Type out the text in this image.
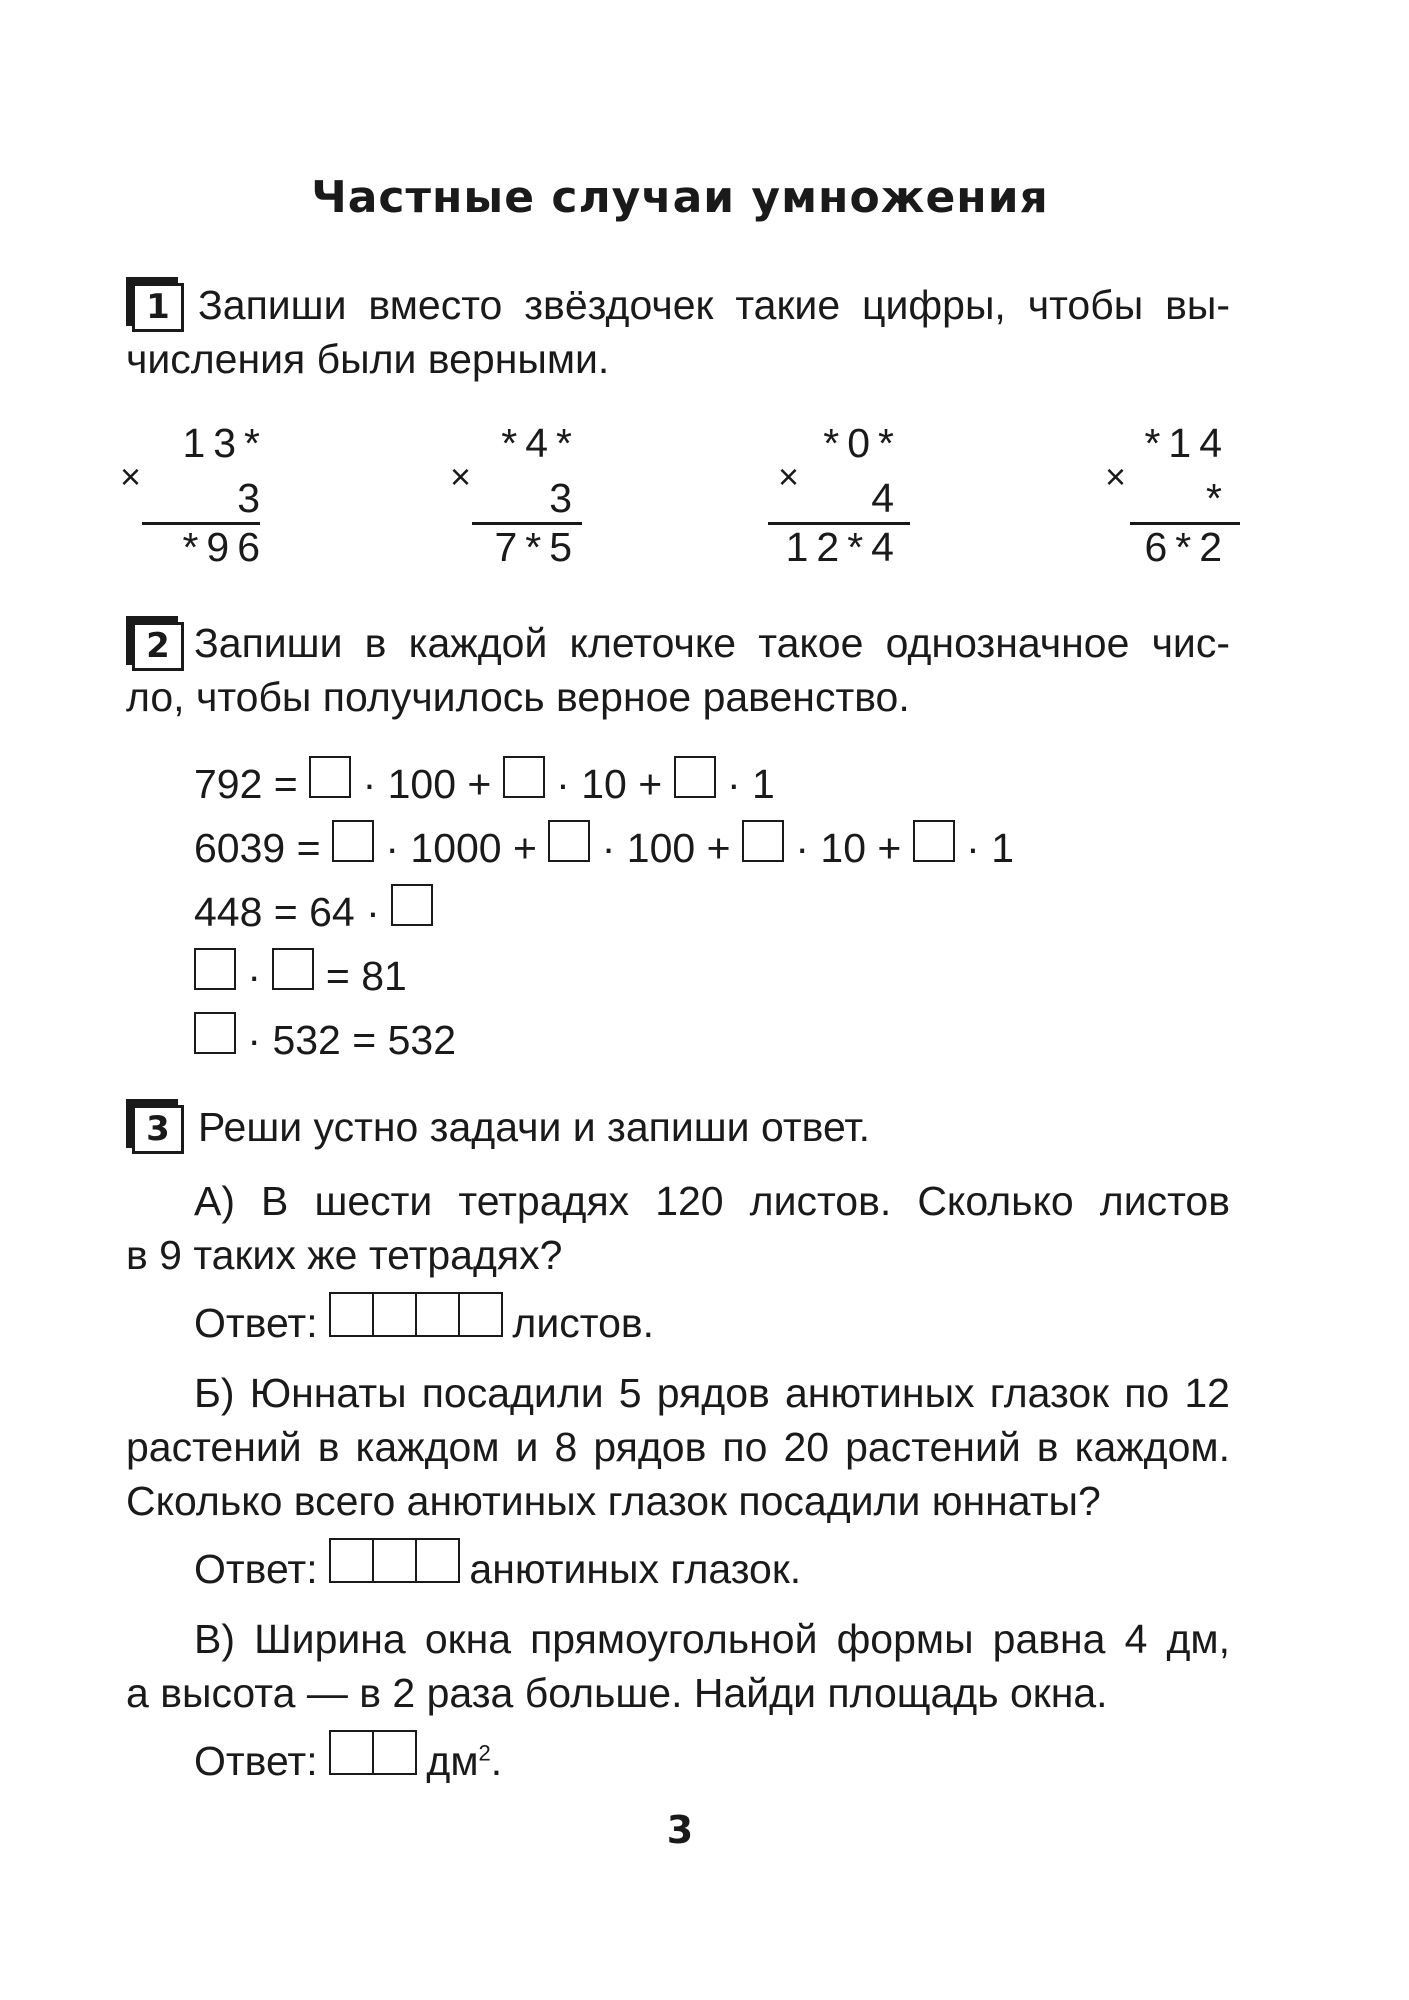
Частные случаи умножения
1 Запиши вместо звёздочек такие цифры, чтобы вы-
числения были верными.
13*
× 3
*96
*4*
× 3
7*5
*0*
× 4
12*4
*14
× *
6*2
2 Запиши в каждой клеточке такое однозначное чис-
ло, чтобы получилось верное равенство.
792 = · 100 + · 10 + · 1
6039 = · 1000 + · 100 + · 10 + · 1
448 = 64 ·
· = 81
· 532 = 532
3 Реши устно задачи и запиши ответ.
А) В шести тетрадях 120 листов. Сколько листов
в 9 таких же тетрадях?
Ответ:	листов.
Б) Юннаты посадили 5 рядов анютиных глазок по 12
растений в каждом и 8 рядов по 20 растений в каждом.
Сколько всего анютиных глазок посадили юннаты?
Ответ:	анютиных глазок.
В) Ширина окна прямоугольной формы равна 4 дм,
а высота — в 2 раза больше. Найди площадь окна.
Ответ:	$дм^2$.
3
